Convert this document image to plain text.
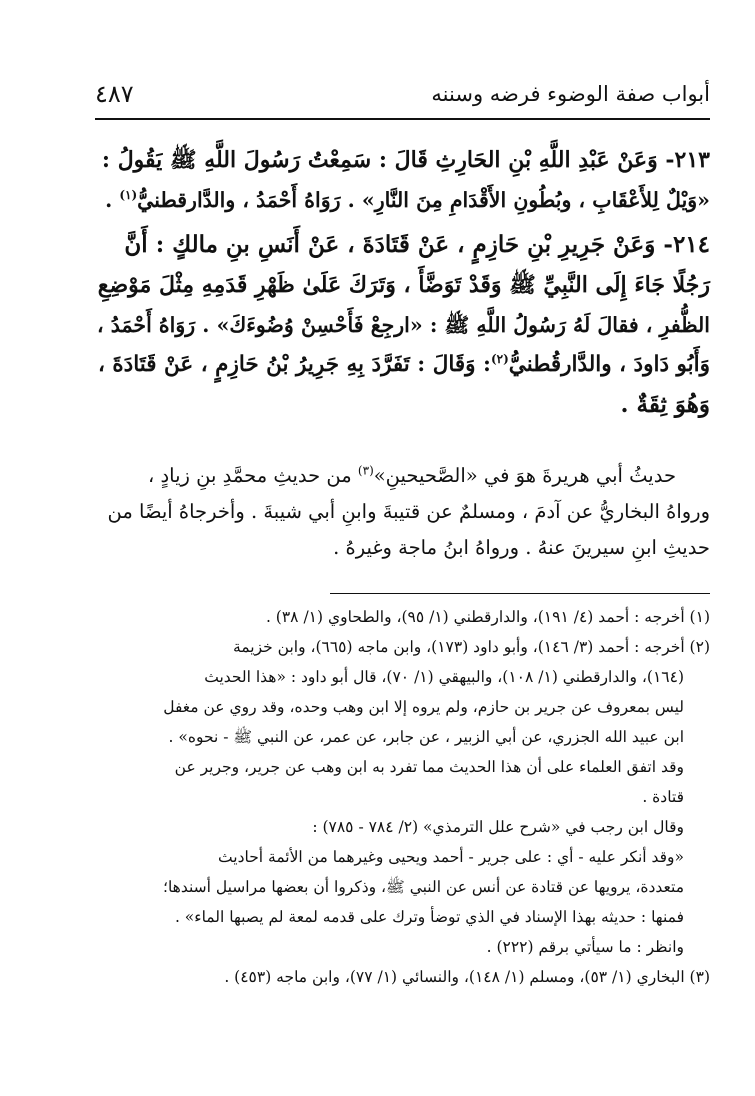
أبواب صفة الوضوء فرضه وسننه
٤٨٧
٢١٣- وَعَنْ عَبْدِ اللَّهِ بْنِ الحَارِثِ قَالَ : سَمِعْتُ رَسُولَ اللَّهِ ﷺ يَقُولُ :
«وَيْلٌ لِلأَعْقَابِ ، وبُطُونِ الأَقْدَامِ مِنَ النَّارِ» . رَوَاهُ أَحْمَدُ ، والدَّارقطنيُّ$^{(١)}$ .
٢١٤- وَعَنْ جَرِيرِ بْنِ حَازِمٍ ، عَنْ قَتَادَةَ ، عَنْ أَنَسِ بنِ مالكٍ : أَنَّ
رَجُلًا جَاءَ إِلَى النَّبِيِّ ﷺ وَقَدْ تَوَضَّأَ ، وَتَرَكَ عَلَىٰ ظَهْرِ قَدَمِهِ مِثْلَ مَوْضِعِ
الظُّفرِ ، فقالَ لَهُ رَسُولُ اللَّهِ ﷺ : «ارجِعْ فَأَحْسِنْ وُضُوءَكَ» . رَوَاهُ أَحْمَدُ ،
وَأَبُو دَاودَ ، والدَّارقُطنيُّ$^{(٢)}$: وَقَالَ : تَفَرَّدَ بِهِ جَرِيرُ بْنُ حَازِمٍ ، عَنْ قَتَادَةَ ،
وَهُوَ ثِقَةٌ .
حديثُ أبي هريرةَ هوَ في «الصَّحيحينِ»$^{(٣)}$ من حديثِ محمَّدِ بنِ زيادٍ ،
ورواهُ البخاريُّ عن آدمَ ، ومسلمٌ عن قتيبةَ وابنِ أبي شيبةَ . وأخرجاهُ أيضًا من
حديثِ ابنِ سيرينَ عنهُ . ورواهُ ابنُ ماجة وغيرهُ .
(١) أخرجه : أحمد (٤/ ١٩١)، والدارقطني (١/ ٩٥)، والطحاوي (١/ ٣٨) .
(٢) أخرجه : أحمد (٣/ ١٤٦)، وأبو داود (١٧٣)، وابن ماجه (٦٦٥)، وابن خزيمة
(١٦٤)، والدارقطني (١/ ١٠٨)، والبيهقي (١/ ٧٠)، قال أبو داود : «هذا الحديث
ليس بمعروف عن جرير بن حازم، ولم يروه إلا ابن وهب وحده، وقد روي عن مغفل
ابن عبيد الله الجزري، عن أبي الزبير ، عن جابر، عن عمر، عن النبي ﷺ - نحوه» .
وقد اتفق العلماء على أن هذا الحديث مما تفرد به ابن وهب عن جرير، وجرير عن
قتادة .
وقال ابن رجب في «شرح علل الترمذي» (٢/ ٧٨٤ - ٧٨٥) :
«وقد أنكر عليه - أي : على جرير - أحمد ويحيى وغيرهما من الأئمة أحاديث
متعددة، يرويها عن قتادة عن أنس عن النبي ﷺ، وذكروا أن بعضها مراسيل أسندها؛
فمنها : حديثه بهذا الإسناد في الذي توضأ وترك على قدمه لمعة لم يصبها الماء» .
وانظر : ما سيأتي برقم (٢٢٢) .
(٣) البخاري (١/ ٥٣)، ومسلم (١/ ١٤٨)، والنسائي (١/ ٧٧)، وابن ماجه (٤٥٣) .
